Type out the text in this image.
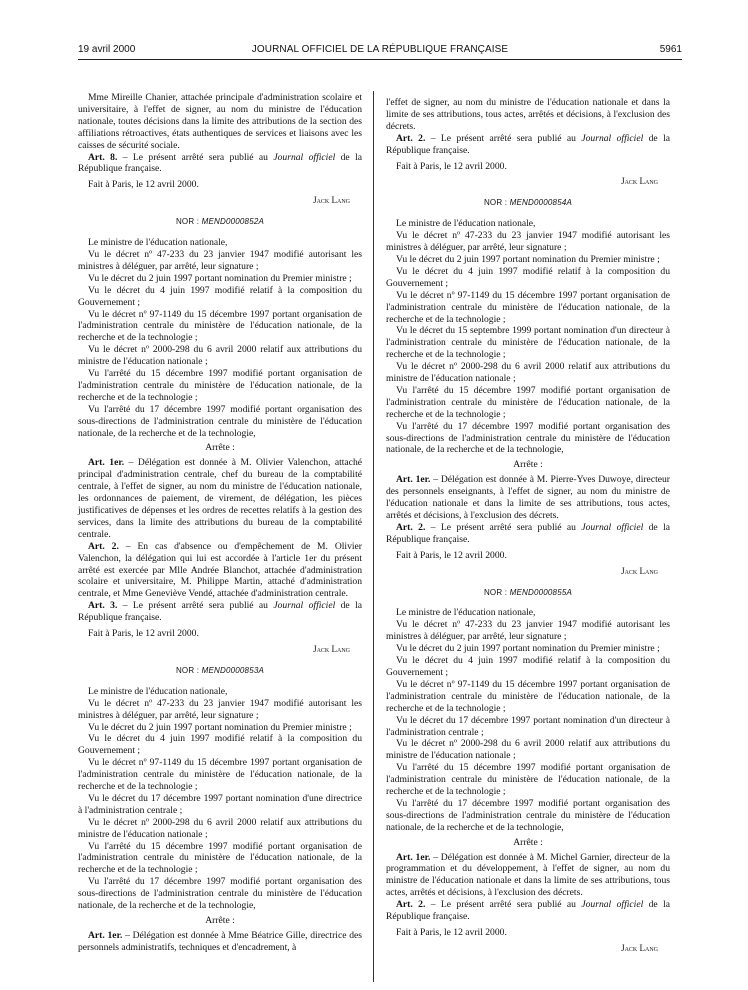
19 avril 2000	JOURNAL OFFICIEL DE LA RÉPUBLIQUE FRANÇAISE	5961

Mme Mireille Chanier, attachée principale d'administration scolaire et universitaire, à l'effet de signer, au nom du ministre de l'éducation nationale, toutes décisions dans la limite des attributions de la section des affiliations rétroactives, états authentiques de services et liaisons avec les caisses de sécurité sociale.

Art. 8. – Le présent arrêté sera publié au Journal officiel de la République française.

Fait à Paris, le 12 avril 2000.

Jack Lang
NOR : MEND0000852A

Le ministre de l'éducation nationale,

Vu le décret nº 47-233 du 23 janvier 1947 modifié autorisant les ministres à déléguer, par arrêté, leur signature ;

Vu le décret du 2 juin 1997 portant nomination du Premier ministre ;

Vu le décret du 4 juin 1997 modifié relatif à la composition du Gouvernement ;

Vu le décret nº 97-1149 du 15 décembre 1997 portant organisation de l'administration centrale du ministère de l'éducation nationale, de la recherche et de la technologie ;

Vu le décret nº 2000-298 du 6 avril 2000 relatif aux attributions du ministre de l'éducation nationale ;

Vu l'arrêté du 15 décembre 1997 modifié portant organisation de l'administration centrale du ministère de l'éducation nationale, de la recherche et de la technologie ;

Vu l'arrêté du 17 décembre 1997 modifié portant organisation des sous-directions de l'administration centrale du ministère de l'éducation nationale, de la recherche et de la technologie,

Arrête :

Art. 1er. – Délégation est donnée à M. Olivier Valenchon, attaché principal d'administration centrale, chef du bureau de la comptabilité centrale, à l'effet de signer, au nom du ministre de l'éducation nationale, les ordonnances de paiement, de virement, de délégation, les pièces justificatives de dépenses et les ordres de recettes relatifs à la gestion des services, dans la limite des attributions du bureau de la comptabilité centrale.

Art. 2. – En cas d'absence ou d'empêchement de M. Olivier Valenchon, la délégation qui lui est accordée à l'article 1er du présent arrêté est exercée par Mlle Andrée Blanchot, attachée d'administration scolaire et universitaire, M. Philippe Martin, attaché d'administration centrale, et Mme Geneviève Vendé, attachée d'administration centrale.

Art. 3. – Le présent arrêté sera publié au Journal officiel de la République française.

Fait à Paris, le 12 avril 2000.

Jack Lang
NOR : MEND0000853A

Le ministre de l'éducation nationale,

Vu le décret nº 47-233 du 23 janvier 1947 modifié autorisant les ministres à déléguer, par arrêté, leur signature ;

Vu le décret du 2 juin 1997 portant nomination du Premier ministre ;

Vu le décret du 4 juin 1997 modifié relatif à la composition du Gouvernement ;

Vu le décret nº 97-1149 du 15 décembre 1997 portant organisation de l'administration centrale du ministère de l'éducation nationale, de la recherche et de la technologie ;

Vu le décret du 17 décembre 1997 portant nomination d'une directrice à l'administration centrale ;

Vu le décret nº 2000-298 du 6 avril 2000 relatif aux attributions du ministre de l'éducation nationale ;

Vu l'arrêté du 15 décembre 1997 modifié portant organisation de l'administration centrale du ministère de l'éducation nationale, de la recherche et de la technologie ;

Vu l'arrêté du 17 décembre 1997 modifié portant organisation des sous-directions de l'administration centrale du ministère de l'éducation nationale, de la recherche et de la technologie,

Arrête :

Art. 1er. – Délégation est donnée à Mme Béatrice Gille, directrice des personnels administratifs, techniques et d'encadrement, à

l'effet de signer, au nom du ministre de l'éducation nationale et dans la limite de ses attributions, tous actes, arrêtés et décisions, à l'exclusion des décrets.

Art. 2. – Le présent arrêté sera publié au Journal officiel de la République française.

Fait à Paris, le 12 avril 2000.

Jack Lang
NOR : MEND0000854A

Le ministre de l'éducation nationale,

Vu le décret nº 47-233 du 23 janvier 1947 modifié autorisant les ministres à déléguer, par arrêté, leur signature ;

Vu le décret du 2 juin 1997 portant nomination du Premier ministre ;

Vu le décret du 4 juin 1997 modifié relatif à la composition du Gouvernement ;

Vu le décret nº 97-1149 du 15 décembre 1997 portant organisation de l'administration centrale du ministère de l'éducation nationale, de la recherche et de la technologie ;

Vu le décret du 15 septembre 1999 portant nomination d'un directeur à l'administration centrale du ministère de l'éducation nationale, de la recherche et de la technologie ;

Vu le décret nº 2000-298 du 6 avril 2000 relatif aux attributions du ministre de l'éducation nationale ;

Vu l'arrêté du 15 décembre 1997 modifié portant organisation de l'administration centrale du ministère de l'éducation nationale, de la recherche et de la technologie ;

Vu l'arrêté du 17 décembre 1997 modifié portant organisation des sous-directions de l'administration centrale du ministère de l'éducation nationale, de la recherche et de la technologie,

Arrête :

Art. 1er. – Délégation est donnée à M. Pierre-Yves Duwoye, directeur des personnels enseignants, à l'effet de signer, au nom du ministre de l'éducation nationale et dans la limite de ses attributions, tous actes, arrêtés et décisions, à l'exclusion des décrets.

Art. 2. – Le présent arrêté sera publié au Journal officiel de la République française.

Fait à Paris, le 12 avril 2000.

Jack Lang
NOR : MEND0000855A

Le ministre de l'éducation nationale,

Vu le décret nº 47-233 du 23 janvier 1947 modifié autorisant les ministres à déléguer, par arrêté, leur signature ;

Vu le décret du 2 juin 1997 portant nomination du Premier ministre ;

Vu le décret du 4 juin 1997 modifié relatif à la composition du Gouvernement ;

Vu le décret nº 97-1149 du 15 décembre 1997 portant organisation de l'administration centrale du ministère de l'éducation nationale, de la recherche et de la technologie ;

Vu le décret du 17 décembre 1997 portant nomination d'un directeur à l'administration centrale ;

Vu le décret nº 2000-298 du 6 avril 2000 relatif aux attributions du ministre de l'éducation nationale ;

Vu l'arrêté du 15 décembre 1997 modifié portant organisation de l'administration centrale du ministère de l'éducation nationale, de la recherche et de la technologie ;

Vu l'arrêté du 17 décembre 1997 modifié portant organisation des sous-directions de l'administration centrale du ministère de l'éducation nationale, de la recherche et de la technologie,

Arrête :

Art. 1er. – Délégation est donnée à M. Michel Garnier, directeur de la programmation et du développement, à l'effet de signer, au nom du ministre de l'éducation nationale et dans la limite de ses attributions, tous actes, arrêtés et décisions, à l'exclusion des décrets.

Art. 2. – Le présent arrêté sera publié au Journal officiel de la République française.

Fait à Paris, le 12 avril 2000.

Jack Lang
